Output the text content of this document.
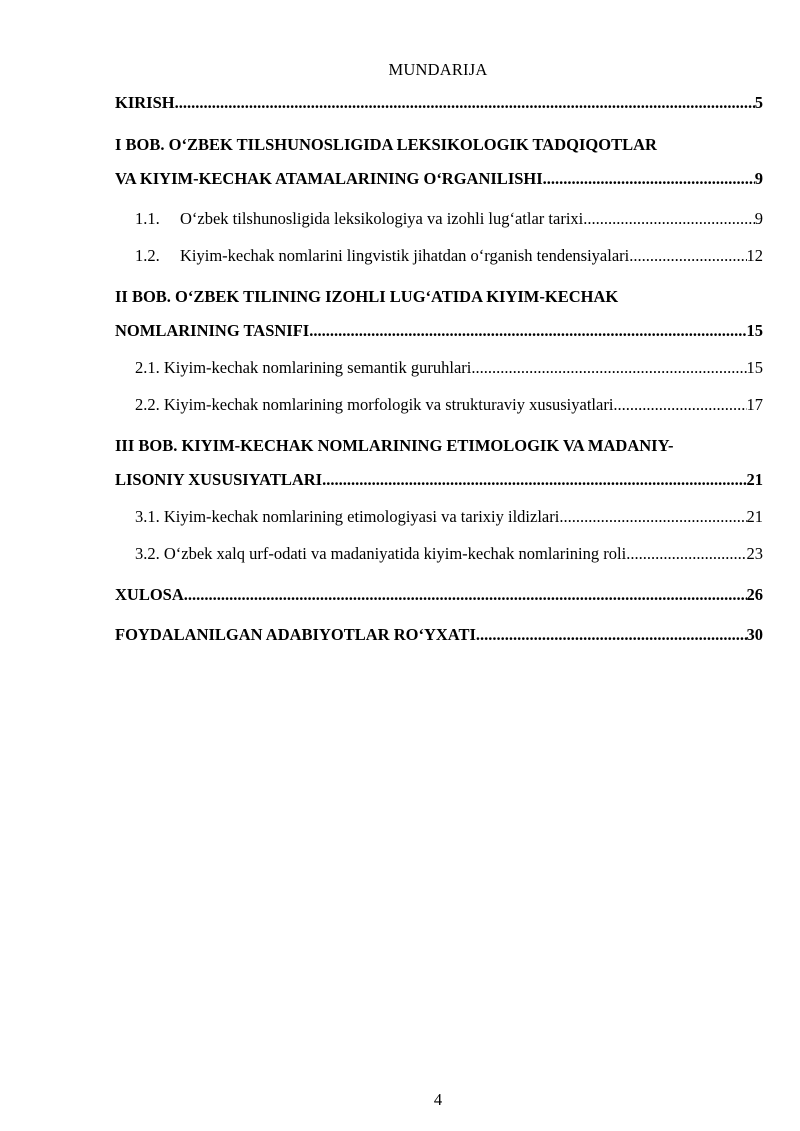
MUNDARIJA
KIRISH .....	5
I BOB. O‘ZBEK TILSHUNOSLIGIDA LEKSIKOLOGIK TADQIQOTLAR
VA KIYIM-KECHAK ATAMALARINING O‘RGANILISHI .....	9
1.1. O‘zbek tilshunosligida leksikologiya va izohli lug‘atlar tarixi .....	9
1.2. Kiyim-kechak nomlarini lingvistik jihatdan o‘rganish tendensiyalari .....	12
II BOB. O‘ZBEK TILINING IZOHLI LUG‘ATIDA KIYIM-KECHAK
NOMLARINING TASNIFI .....	15
2.1. Kiyim-kechak nomlarining semantik guruhlari .....	15
2.2. Kiyim-kechak nomlarining morfologik va strukturaviy xususiyatlari .....	17
III BOB. KIYIM-KECHAK NOMLARINING ETIMOLOGIK VA MADANIY-
LISONIY XUSUSIYATLARI .....	21
3.1. Kiyim-kechak nomlarining etimologiyasi va tarixiy ildizlari .....	21
3.2. O‘zbek xalq urf-odati va madaniyatida kiyim-kechak nomlarining roli .....	23
XULOSA .....	26
FOYDALANILGAN ADABIYOTLAR RO‘YXATI .....	30
4
